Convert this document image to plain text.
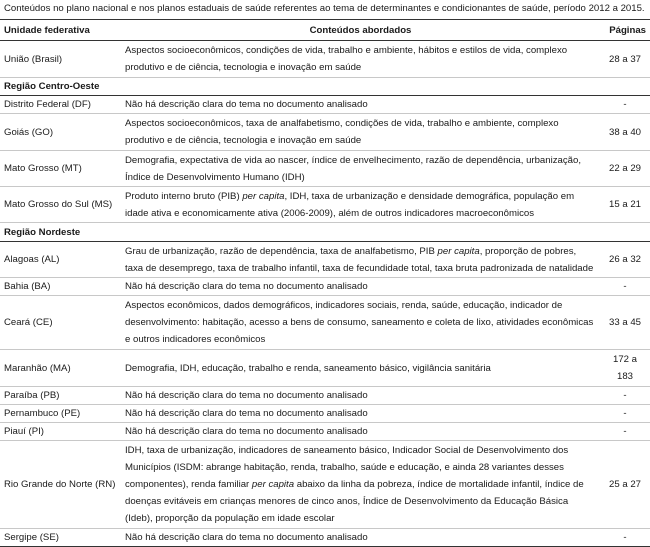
Conteúdos no plano nacional e nos planos estaduais de saúde referentes ao tema de determinantes e condicionantes de saúde, período 2012 a 2015.
Unidade federativa	Conteúdos abordados	Páginas
União (Brasil)	Aspectos socioeconômicos, condições de vida, trabalho e ambiente, hábitos e estilos de vida, complexo produtivo e de ciência, tecnologia e inovação em saúde	28 a 37
Região Centro-Oeste		
Distrito Federal (DF)	Não há descrição clara do tema no documento analisado	-
Goiás (GO)	Aspectos socioeconômicos, taxa de analfabetismo, condições de vida, trabalho e ambiente, complexo produtivo e de ciência, tecnologia e inovação em saúde	38 a 40
Mato Grosso (MT)	Demografia, expectativa de vida ao nascer, índice de envelhecimento, razão de dependência, urbanização, Índice de Desenvolvimento Humano (IDH)	22 a 29
Mato Grosso do Sul (MS)	Produto interno bruto (PIB) per capita, IDH, taxa de urbanização e densidade demográfica, população em idade ativa e economicamente ativa (2006-2009), além de outros indicadores macroeconômicos	15 a 21
Região Nordeste		
Alagoas (AL)	Grau de urbanização, razão de dependência, taxa de analfabetismo, PIB per capita, proporção de pobres, taxa de desemprego, taxa de trabalho infantil, taxa de fecundidade total, taxa bruta padronizada de natalidade	26 a 32
Bahia (BA)	Não há descrição clara do tema no documento analisado	-
Ceará (CE)	Aspectos econômicos, dados demográficos, indicadores sociais, renda, saúde, educação, indicador de desenvolvimento: habitação, acesso a bens de consumo, saneamento e coleta de lixo, atividades econômicas e outros indicadores econômicos	33 a 45
Maranhão (MA)	Demografia, IDH, educação, trabalho e renda, saneamento básico, vigilância sanitária	172 a 183
Paraíba (PB)	Não há descrição clara do tema no documento analisado	-
Pernambuco (PE)	Não há descrição clara do tema no documento analisado	-
Piauí (PI)	Não há descrição clara do tema no documento analisado	-
Rio Grande do Norte (RN)	IDH, taxa de urbanização, indicadores de saneamento básico, Indicador Social de Desenvolvimento dos Municípios (ISDM: abrange habitação, renda, trabalho, saúde e educação, e ainda 28 variantes desses componentes), renda familiar per capita abaixo da linha da pobreza, índice de mortalidade infantil, índice de doenças evitáveis em crianças menores de cinco anos, Índice de Desenvolvimento da Educação Básica (Ideb), proporção da população em idade escolar	25 a 27
Sergipe (SE)	Não há descrição clara do tema no documento analisado	-
